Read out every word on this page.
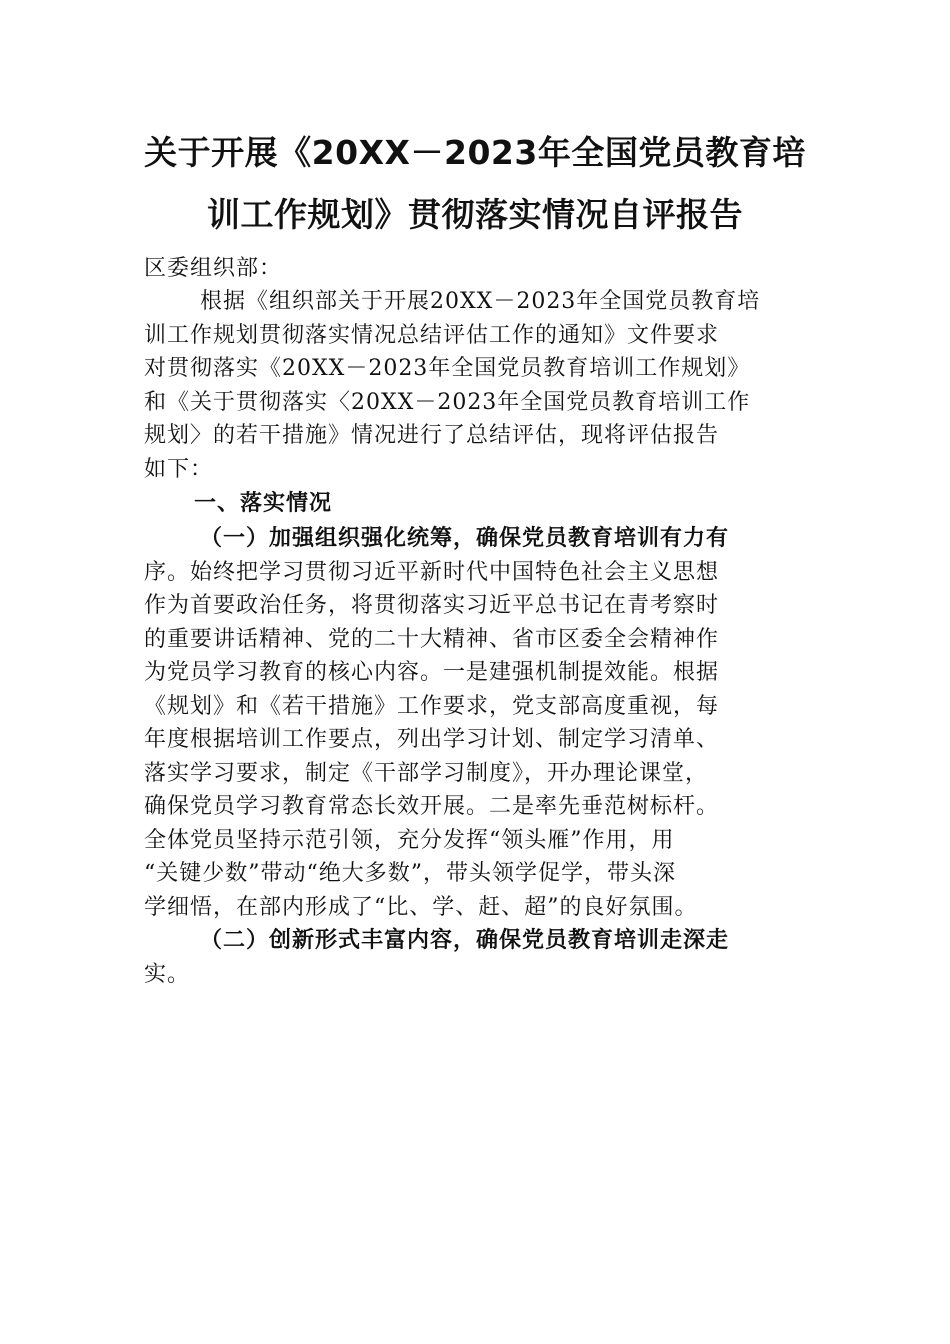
关于开展《20XX－2023年全国党员教育培
训工作规划》贯彻落实情况自评报告

区委组织部：

根据《组织部关于开展20XX－2023年全国党员教育培
训工作规划贯彻落实情况总结评估工作的通知》文件要求
对贯彻落实《20XX－2023年全国党员教育培训工作规划》
和《关于贯彻落实〈20XX－2023年全国党员教育培训工作
规划〉的若干措施》情况进行了总结评估，现将评估报告
如下：

一、落实情况

（一）加强组织强化统筹，确保党员教育培训有力有
序。始终把学习贯彻习近平新时代中国特色社会主义思想
作为首要政治任务，将贯彻落实习近平总书记在青考察时
的重要讲话精神、党的二十大精神、省市区委全会精神作
为党员学习教育的核心内容。一是建强机制提效能。根据
《规划》和《若干措施》工作要求，党支部高度重视，每
年度根据培训工作要点，列出学习计划、制定学习清单、
落实学习要求，制定《干部学习制度》，开办理论课堂，
确保党员学习教育常态长效开展。二是率先垂范树标杆。
全体党员坚持示范引领，充分发挥“领头雁”作用，用
“关键少数”带动“绝大多数”，带头领学促学，带头深
学细悟，在部内形成了“比、学、赶、超”的良好氛围。

（二）创新形式丰富内容，确保党员教育培训走深走
实。
